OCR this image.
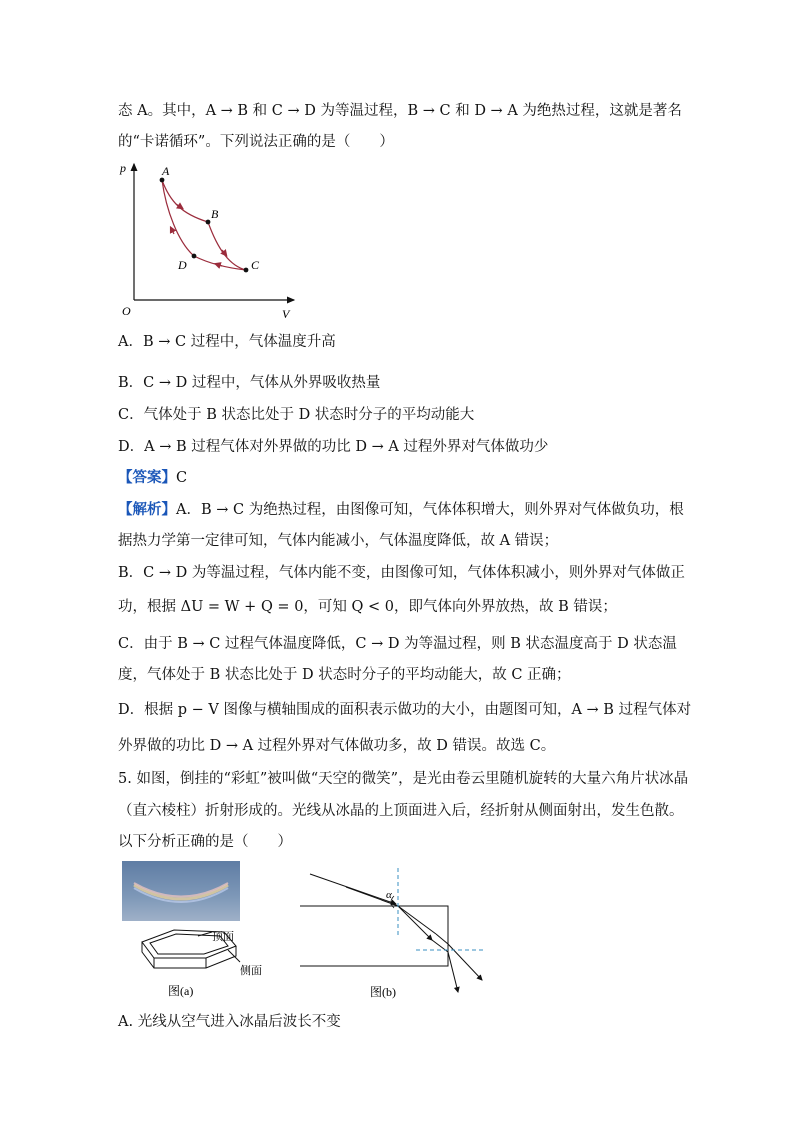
态 A。其中，A → B 和 C → D 为等温过程，B → C 和 D → A 为绝热过程，这就是著名
的“卡诺循环”。下列说法正确的是（　　）
p
V
O
A
B
C
D
A．B → C 过程中，气体温度升高
B．C → D 过程中，气体从外界吸收热量
C．气体处于 B 状态比处于 D 状态时分子的平均动能大
D．A → B 过程气体对外界做的功比 D → A 过程外界对气体做功少
【答案】C
【解析】A．B → C 为绝热过程，由图像可知，气体体积增大，则外界对气体做负功，根
据热力学第一定律可知，气体内能减小，气体温度降低，故 A 错误；
B．C → D 为等温过程，气体内能不变，由图像可知，气体体积减小，则外界对气体做正
功，根据 ΔU = W + Q = 0，可知 Q < 0，即气体向外界放热，故 B 错误；
C．由于 B → C 过程气体温度降低，C → D 为等温过程，则 B 状态温度高于 D 状态温
度，气体处于 B 状态比处于 D 状态时分子的平均动能大，故 C 正确；
D．根据 p − V 图像与横轴围成的面积表示做功的大小，由题图可知，A → B 过程气体对
外界做的功比 D → A 过程外界对气体做功多，故 D 错误。故选 C。
5. 如图，倒挂的“彩虹”被叫做“天空的微笑”，是光由卷云里随机旋转的大量六角片状冰晶
（直六棱柱）折射形成的。光线从冰晶的上顶面进入后，经折射从侧面射出，发生色散。
以下分析正确的是（　　）
顶面
侧面
图(a)
α
图(b)
A. 光线从空气进入冰晶后波长不变
